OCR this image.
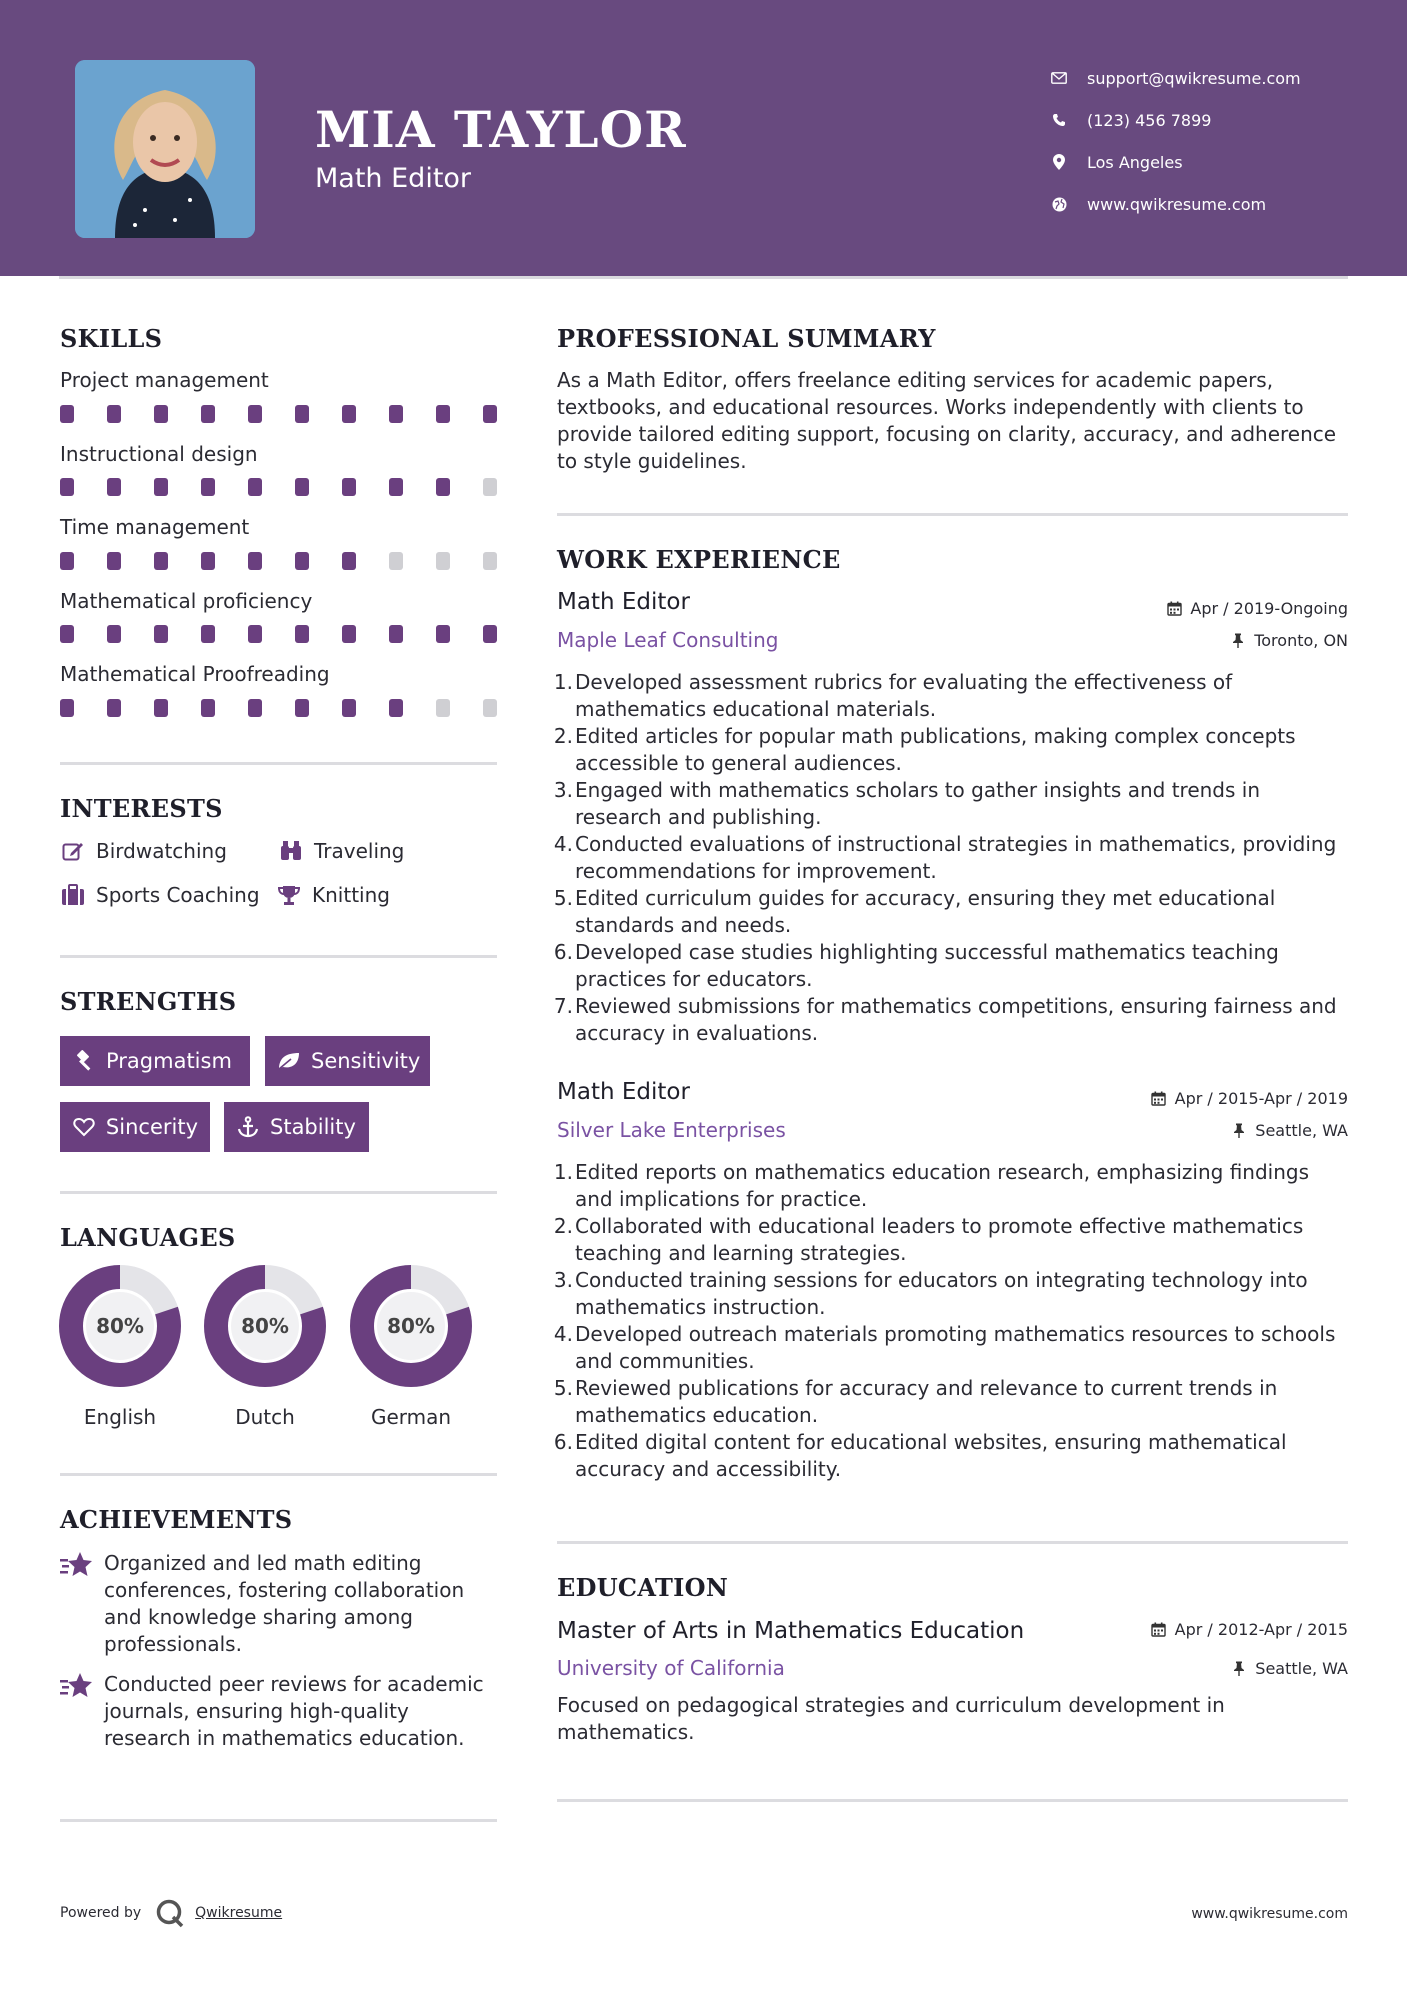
MIA TAYLOR
Math Editor
support@qwikresume.com
(123) 456 7899
Los Angeles
www.qwikresume.com
SKILLS
Project management
Instructional design
Time management
Mathematical proficiency
Mathematical Proofreading
INTERESTS
Birdwatching	Traveling
Sports Coaching	Knitting
STRENGTHS
Pragmatism	Sensitivity
Sincerity	Stability
LANGUAGES
80%
English
80%
Dutch
80%
German
ACHIEVEMENTS
Organized and led math editing conferences, fostering collaboration and knowledge sharing among professionals.
Conducted peer reviews for academic journals, ensuring high-quality research in mathematics education.
PROFESSIONAL SUMMARY
As a Math Editor, offers freelance editing services for academic papers, textbooks, and educational resources. Works independently with clients to provide tailored editing support, focusing on clarity, accuracy, and adherence to style guidelines.
WORK EXPERIENCE
Math Editor	Apr / 2019-Ongoing
Maple Leaf Consulting	Toronto, ON
1. Developed assessment rubrics for evaluating the effectiveness of mathematics educational materials.
2. Edited articles for popular math publications, making complex concepts accessible to general audiences.
3. Engaged with mathematics scholars to gather insights and trends in research and publishing.
4. Conducted evaluations of instructional strategies in mathematics, providing recommendations for improvement.
5. Edited curriculum guides for accuracy, ensuring they met educational standards and needs.
6. Developed case studies highlighting successful mathematics teaching practices for educators.
7. Reviewed submissions for mathematics competitions, ensuring fairness and accuracy in evaluations.
Math Editor	Apr / 2015-Apr / 2019
Silver Lake Enterprises	Seattle, WA
1. Edited reports on mathematics education research, emphasizing findings and implications for practice.
2. Collaborated with educational leaders to promote effective mathematics teaching and learning strategies.
3. Conducted training sessions for educators on integrating technology into mathematics instruction.
4. Developed outreach materials promoting mathematics resources to schools and communities.
5. Reviewed publications for accuracy and relevance to current trends in mathematics education.
6. Edited digital content for educational websites, ensuring mathematical accuracy and accessibility.
EDUCATION
Master of Arts in Mathematics Education	Apr / 2012-Apr / 2015
University of California	Seattle, WA
Focused on pedagogical strategies and curriculum development in mathematics.
Powered by	Qwikresume	www.qwikresume.com
